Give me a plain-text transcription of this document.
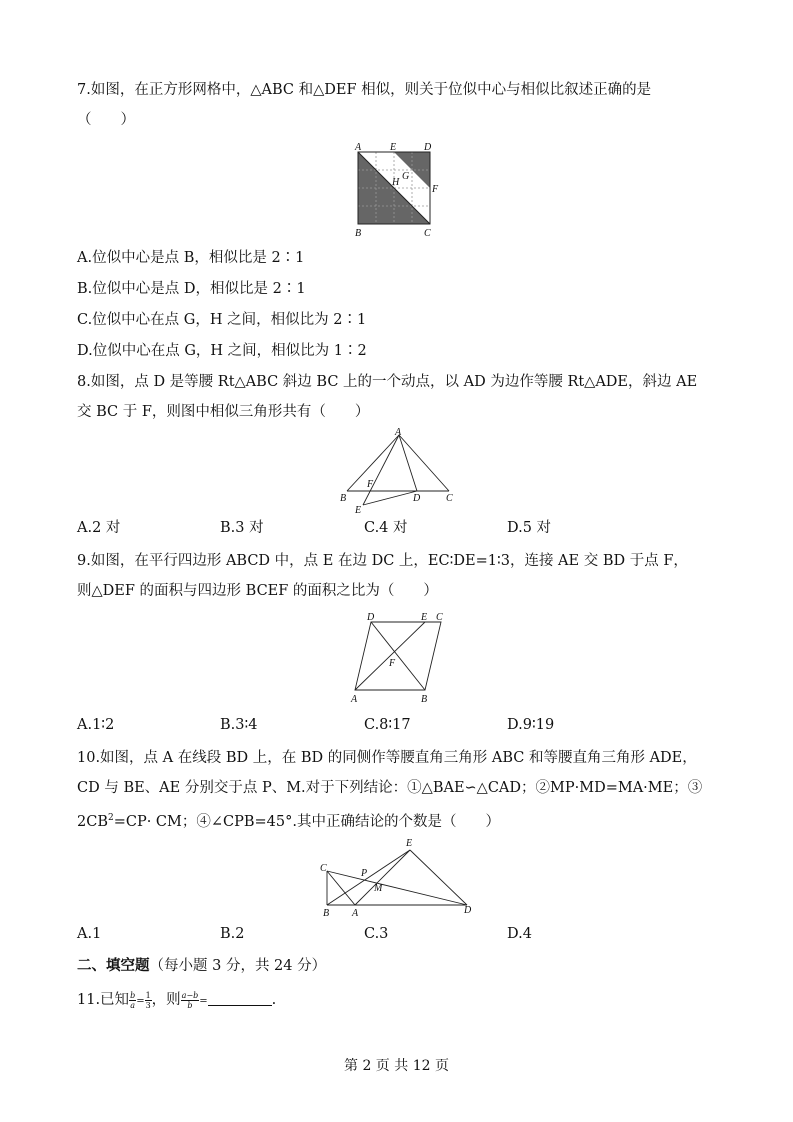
7.如图，在正方形网格中，△ABC 和△DEF 相似，则关于位似中心与相似比叙述正确的是
（　　）
A	E	D
H
G
F
B	C
A.位似中心是点 B，相似比是 2∶1
B.位似中心是点 D，相似比是 2∶1
C.位似中心在点 G，H 之间，相似比为 2∶1
D.位似中心在点 G，H 之间，相似比为 1∶2
8.如图，点 D 是等腰 Rt△ABC 斜边 BC 上的一个动点，以 AD 为边作等腰 Rt△ADE，斜边 AE
交 BC 于 F，则图中相似三角形共有（　　）
A
B
F
D	C
E
A.2 对	B.3 对	C.4 对	D.5 对
9.如图，在平行四边形 ABCD 中，点 E 在边 DC 上，EC∶DE=1∶3，连接 AE 交 BD 于点 F，
则△DEF 的面积与四边形 BCEF 的面积之比为（　　）
D	E C
F
A	B
A.1∶2	B.3∶4	C.8∶17	D.9∶19
10.如图，点 A 在线段 BD 上，在 BD 的同侧作等腰直角三角形 ABC 和等腰直角三角形 ADE，
CD 与 BE、AE 分别交于点 P、M.对于下列结论：①△BAE∽△CAD；②MP·MD=MA·ME；③
$2CB^2=CP\cdot$ CM；④∠CPB=45°.其中正确结论的个数是（　　）
E
C	P
M
B A	D
A.1	B.2	C.3	D.4
二、填空题（每小题 3 分，共 24 分）
11.已知 $\frac{b}{a} = \frac{1}{3}$ ，则 $\frac{a-b}{b}$ =	.
第 2 页 共 12 页
